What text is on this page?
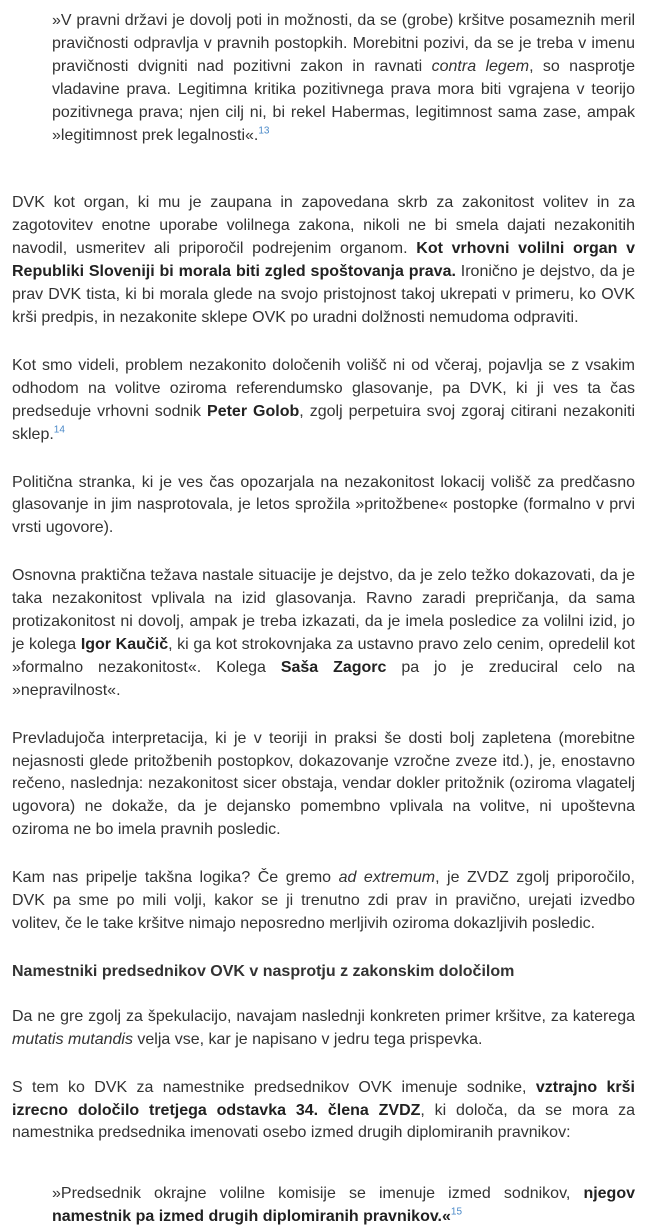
»V pravni državi je dovolj poti in možnosti, da se (grobe) kršitve posameznih meril pravičnosti odpravlja v pravnih postopkih. Morebitni pozivi, da se je treba v imenu pravičnosti dvigniti nad pozitivni zakon in ravnati contra legem, so nasprotje vladavine prava. Legitimna kritika pozitivnega prava mora biti vgrajena v teorijo pozitivnega prava; njen cilj ni, bi rekel Habermas, legitimnost sama zase, ampak »legitimnost prek legalnosti«.$^{13}$

DVK kot organ, ki mu je zaupana in zapovedana skrb za zakonitost volitev in za zagotovitev enotne uporabe volilnega zakona, nikoli ne bi smela dajati nezakonitih navodil, usmeritev ali priporočil podrejenim organom. Kot vrhovni volilni organ v Republiki Sloveniji bi morala biti zgled spoštovanja prava. Ironično je dejstvo, da je prav DVK tista, ki bi morala glede na svojo pristojnost takoj ukrepati v primeru, ko OVK krši predpis, in nezakonite sklepe OVK po uradni dolžnosti nemudoma odpraviti.

Kot smo videli, problem nezakonito določenih volišč ni od včeraj, pojavlja se z vsakim odhodom na volitve oziroma referendumsko glasovanje, pa DVK, ki ji ves ta čas predseduje vrhovni sodnik Peter Golob, zgolj perpetuira svoj zgoraj citirani nezakoniti sklep.$^{14}$

Politična stranka, ki je ves čas opozarjala na nezakonitost lokacij volišč za predčasno glasovanje in jim nasprotovala, je letos sprožila »pritožbene« postopke (formalno v prvi vrsti ugovore).

Osnovna praktična težava nastale situacije je dejstvo, da je zelo težko dokazovati, da je taka nezakonitost vplivala na izid glasovanja. Ravno zaradi prepričanja, da sama protizakonitost ni dovolj, ampak je treba izkazati, da je imela posledice za volilni izid, jo je kolega Igor Kaučič, ki ga kot strokovnjaka za ustavno pravo zelo cenim, opredelil kot »formalno nezakonitost«. Kolega Saša Zagorc pa jo je zreduciral celo na »nepravilnost«.

Prevladujoča interpretacija, ki je v teoriji in praksi še dosti bolj zapletena (morebitne nejasnosti glede pritožbenih postopkov, dokazovanje vzročne zveze itd.), je, enostavno rečeno, naslednja: nezakonitost sicer obstaja, vendar dokler pritožnik (oziroma vlagatelj ugovora) ne dokaže, da je dejansko pomembno vplivala na volitve, ni upoštevna oziroma ne bo imela pravnih posledic.

Kam nas pripelje takšna logika? Če gremo ad extremum, je ZVDZ zgolj priporočilo, DVK pa sme po mili volji, kakor se ji trenutno zdi prav in pravično, urejati izvedbo volitev, če le take kršitve nimajo neposredno merljivih oziroma dokazljivih posledic.

Namestniki predsednikov OVK v nasprotju z zakonskim določilom

Da ne gre zgolj za špekulacijo, navajam naslednji konkreten primer kršitve, za katerega mutatis mutandis velja vse, kar je napisano v jedru tega prispevka.

S tem ko DVK za namestnike predsednikov OVK imenuje sodnike, vztrajno krši izrecno določilo tretjega odstavka 34. člena ZVDZ, ki določa, da se mora za namestnika predsednika imenovati osebo izmed drugih diplomiranih pravnikov:

»Predsednik okrajne volilne komisije se imenuje izmed sodnikov, njegov namestnik pa izmed drugih diplomiranih pravnikov.«$^{15}$
